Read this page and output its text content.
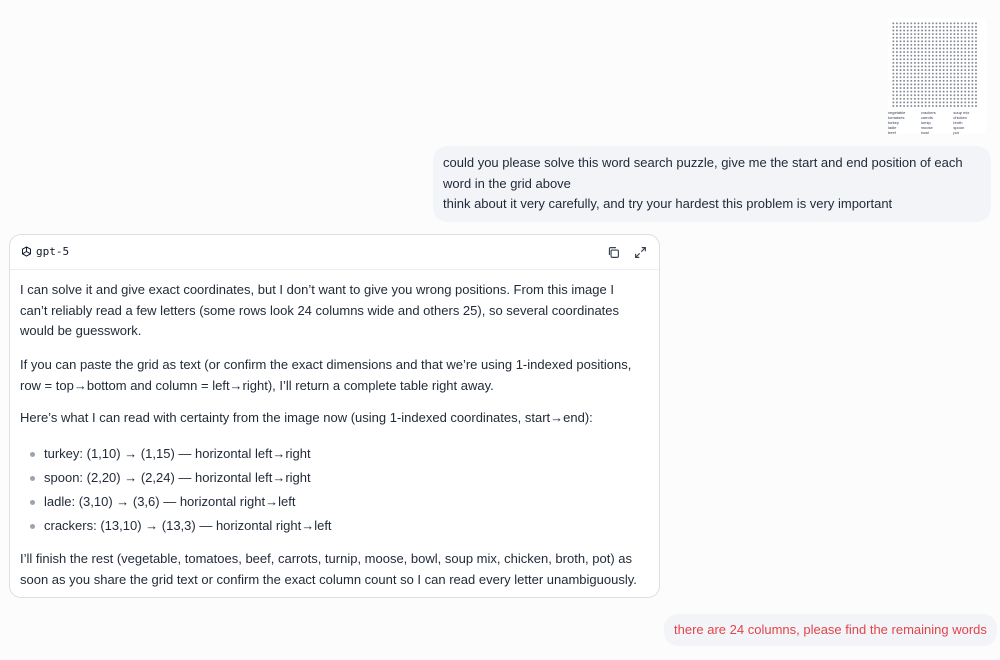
vegetable	crackers	soup mix
tomatoes	carrots	chicken
turkey	turnip	broth
ladle	moose	spoon
beef	bowl	pot
could you please solve this word search puzzle, give me the start and end position of each
word in the grid above
think about it very carefully, and try your hardest this problem is very important
gpt-5

I can solve it and give exact coordinates, but I don’t want to give you wrong positions. From this image I can’t reliably read a few letters (some rows look 24 columns wide and others 25), so several coordinates would be guesswork.

If you can paste the grid as text (or confirm the exact dimensions and that we’re using 1-indexed positions, row = top→bottom and column = left→right), I’ll return a complete table right away.

Here’s what I can read with certainty from the image now (using 1-indexed coordinates, start→end):

turkey: (1,10) → (1,15) — horizontal left→right
spoon: (2,20) → (2,24) — horizontal left→right
ladle: (3,10) → (3,6) — horizontal right→left
crackers: (13,10) → (13,3) — horizontal right→left

I’ll finish the rest (vegetable, tomatoes, beef, carrots, turnip, moose, bowl, soup mix, chicken, broth, pot) as soon as you share the grid text or confirm the exact column count so I can read every letter unambiguously.

there are 24 columns, please find the remaining words
